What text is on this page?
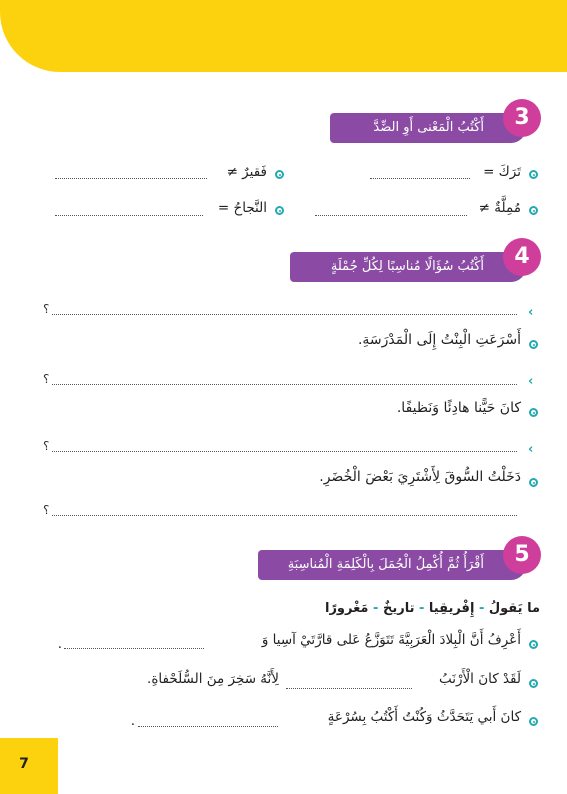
أَكْتُبُ الْمَعْنى أَوِ الضِّدَّ	3
فَقيرٌ ≠	تَرَكَ =
النَّجاحُ =	مُمِلَّةٌ ≠
أَكْتُبُ سُؤَالًا مُناسِبًا لِكُلِّ جُمْلَةٍ	4
؟	‹
أَسْرَعَتِ الْبِنْتُ إِلَى الْمَدْرَسَةِ.
؟	‹
كانَ حَيًّنا هادِئًا وَنَظيفًا.
؟	‹
دَخَلْتُ السُّوقَ لِأَشْتَرِيَ بَعْضَ الْخُضَرِ.
؟
أَقْرَأُ ثُمَّ أُكْمِلُ الْجُمَلَ بِالْكَلِمَةِ الْمُناسِبَةِ	5
ما يَقولُ - إِفْريقِيا - تاريخٌ - مَغْرورًا
أَعْرِفُ أَنَّ الْبِلادَ الْعَرَبِيَّةَ تَتَوَزَّعُ عَلى قارَّتَيْ آسِيا وَ
.
لَقَدْ كانَ الْأَرْنَبُ
لِأَنَّهُ سَخِرَ مِنَ السُّلَحْفاةِ.
كانَ أَبي يَتَحَدَّثُ وَكُنْتُ أَكْتُبُ بِسُرْعَةٍ
.
7
